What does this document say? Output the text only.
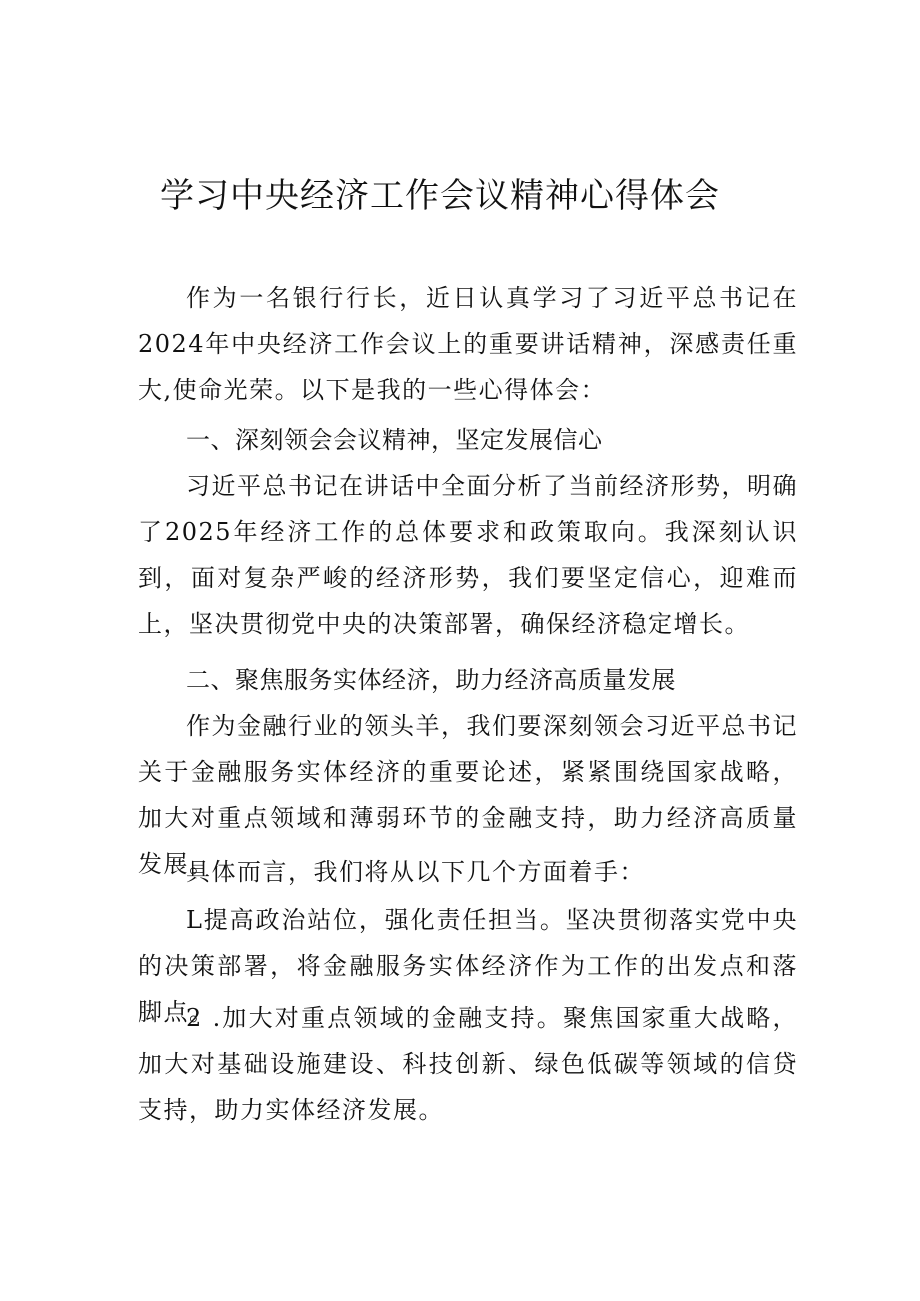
学习中央经济工作会议精神心得体会

作为一名银行行长，近日认真学习了习近平总书记在2024年中央经济工作会议上的重要讲话精神，深感责任重大,使命光荣。以下是我的一些心得体会：

一、深刻领会会议精神，坚定发展信心

习近平总书记在讲话中全面分析了当前经济形势，明确了2025年经济工作的总体要求和政策取向。我深刻认识到，面对复杂严峻的经济形势，我们要坚定信心，迎难而上，坚决贯彻党中央的决策部署，确保经济稳定增长。

二、聚焦服务实体经济，助力经济高质量发展

作为金融行业的领头羊，我们要深刻领会习近平总书记关于金融服务实体经济的重要论述，紧紧围绕国家战略，加大对重点领域和薄弱环节的金融支持，助力经济高质量发展。

具体而言，我们将从以下几个方面着手：

L提高政治站位，强化责任担当。坚决贯彻落实党中央的决策部署，将金融服务实体经济作为工作的出发点和落脚点。

2 .加大对重点领域的金融支持。聚焦国家重大战略，加大对基础设施建设、科技创新、绿色低碳等领域的信贷支持，助力实体经济发展。
